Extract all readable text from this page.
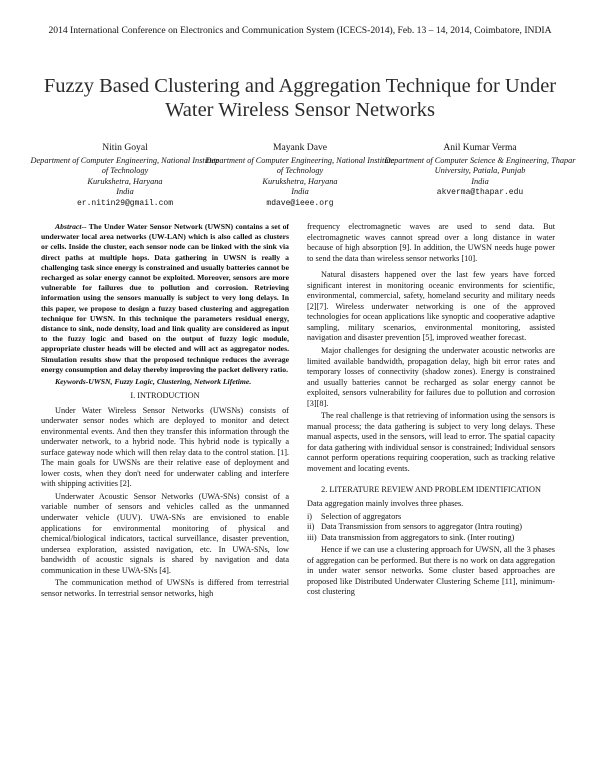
2014 International Conference on Electronics and Communication System (ICECS-2014), Feb. 13 – 14, 2014, Coimbatore, INDIA
Fuzzy Based Clustering and Aggregation Technique for Under Water Wireless Sensor Networks
Nitin Goyal
Department of Computer Engineering, National Institute of Technology
Kurukshetra, Haryana
India
er.nitin29@gmail.com
Mayank Dave
Department of Computer Engineering, National Institute of Technology
Kurukshetra, Haryana
India
mdave@ieee.org
Anil Kumar Verma
Department of Computer Science & Engineering, Thapar University, Patiala, Punjab
India
akverma@thapar.edu

Abstract-- The Under Water Sensor Network (UWSN) contains a set of underwater local area networks (UW-LAN) which is also called as clusters or cells. Inside the cluster, each sensor node can be linked with the sink via direct paths at multiple hops. Data gathering in UWSN is really a challenging task since energy is constrained and usually batteries cannot be recharged as solar energy cannot be exploited. Moreover, sensors are more vulnerable for failures due to pollution and corrosion. Retrieving information using the sensors manually is subject to very long delays. In this paper, we propose to design a fuzzy based clustering and aggregation technique for UWSN. In this technique the parameters residual energy, distance to sink, node density, load and link quality are considered as input to the fuzzy logic and based on the output of fuzzy logic module, appropriate cluster heads will be elected and will act as aggregator nodes. Simulation results show that the proposed technique reduces the average energy consumption and delay thereby improving the packet delivery ratio.

Keywords-UWSN, Fuzzy Logic, Clustering, Network Lifetime.

I. INTRODUCTION

Under Water Wireless Sensor Networks (UWSNs) consists of underwater sensor nodes which are deployed to monitor and detect environmental events. And then they transfer this information through the underwater network, to a hybrid node. This hybrid node is typically a surface gateway node which will then relay data to the control station. [1]. The main goals for UWSNs are their relative ease of deployment and lower costs, when they don't need for underwater cabling and interfere with shipping activities [2].

Underwater Acoustic Sensor Networks (UWA-SNs) consist of a variable number of sensors and vehicles called as the unmanned underwater vehicle (UUV). UWA-SNs are envisioned to enable applications for environmental monitoring of physical and chemical/biological indicators, tactical surveillance, disaster prevention, undersea exploration, assisted navigation, etc. In UWA-SNs, low bandwidth of acoustic signals is shared by navigation and data communication in these UWA-SNs [4].

The communication method of UWSNs is differed from terrestrial sensor networks. In terrestrial sensor networks, high

frequency electromagnetic waves are used to send data. But electromagnetic waves cannot spread over a long distance in water because of high absorption [9]. In addition, the UWSN needs huge power to send the data than wireless sensor networks [10].

Natural disasters happened over the last few years have forced significant interest in monitoring oceanic environments for scientific, environmental, commercial, safety, homeland security and military needs [2][7]. Wireless underwater networking is one of the approved technologies for ocean applications like synoptic and cooperative adaptive sampling, military scenarios, environmental monitoring, assisted navigation and disaster prevention [5], improved weather forecast.

Major challenges for designing the underwater acoustic networks are limited available bandwidth, propagation delay, high bit error rates and temporary losses of connectivity (shadow zones). Energy is constrained and usually batteries cannot be recharged as solar energy cannot be exploited, sensors vulnerability for failures due to pollution and corrosion [3][8].

The real challenge is that retrieving of information using the sensors is manual process; the data gathering is subject to very long delays. These manual aspects, used in the sensors, will lead to error. The spatial capacity for data gathering with individual sensor is constrained; Individual sensors cannot perform operations requiring cooperation, such as tracking relative movement and locating events.

2. LITERATURE REVIEW AND PROBLEM IDENTIFICATION

Data aggregation mainly involves three phases.

i)	Selection of aggregators
ii) Data Transmission from sensors to aggregator (Intra routing)
iii) Data transmission from aggregators to sink. (Inter routing)

Hence if we can use a clustering approach for UWSN, all the 3 phases of aggregation can be performed. But there is no work on data aggregation in under water sensor networks. Some cluster based approaches are proposed like Distributed Underwater Clustering Scheme [11], minimum-cost clustering
